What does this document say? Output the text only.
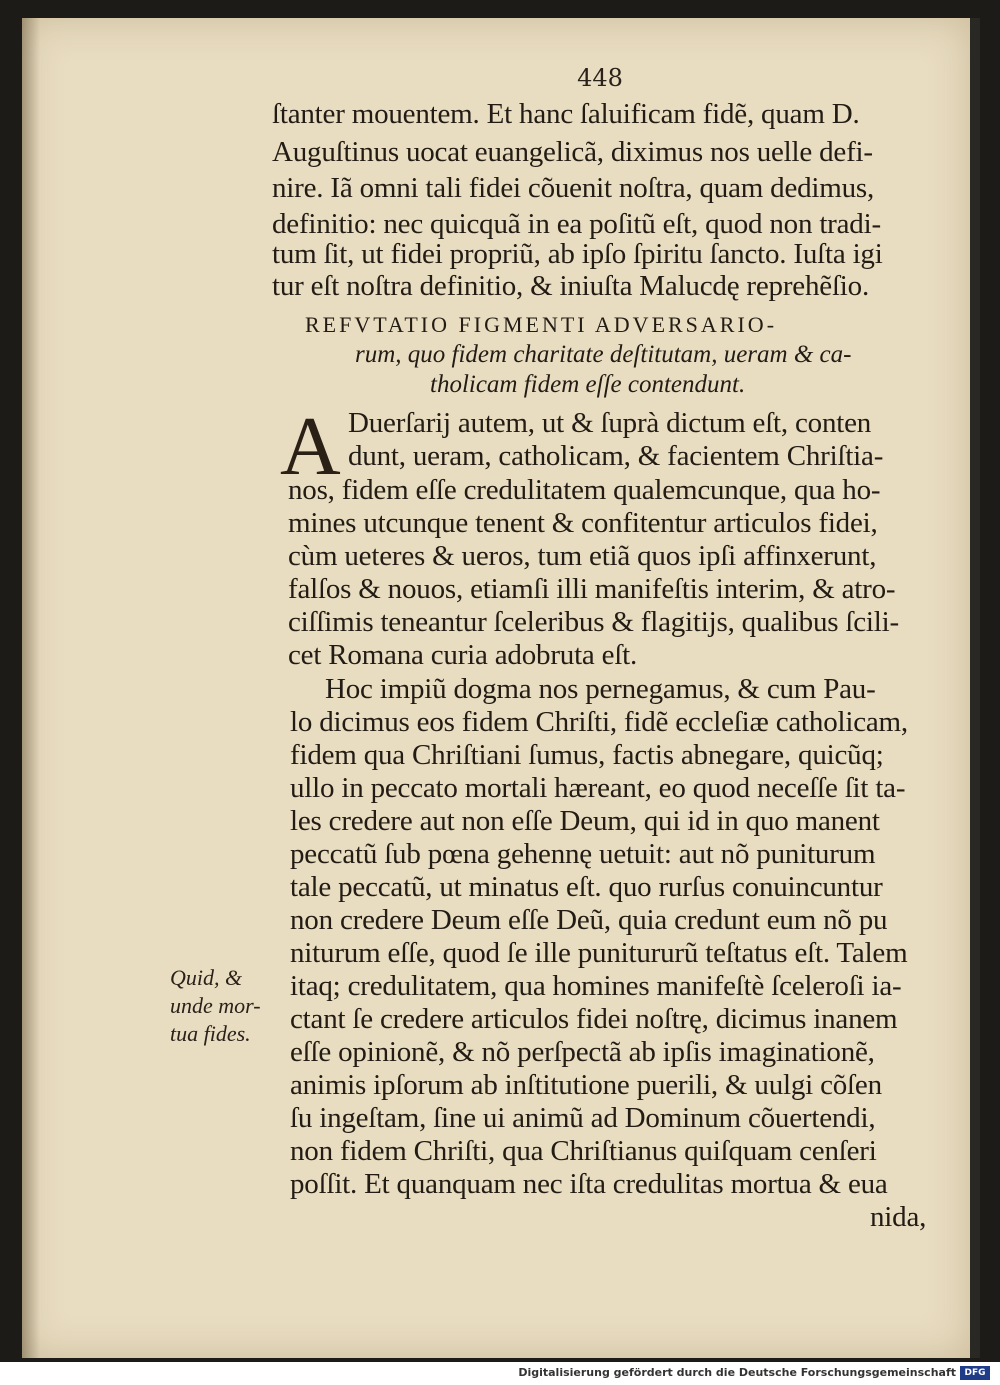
448
ſtanter mouentem. Et hanc ſaluificam fidẽ, quam D.
Auguſtinus uocat euangelicã, diximus nos uelle defi-
nire. Iã omni tali fidei cõuenit noſtra, quam dedimus,
definitio: nec quicquã in ea poſitũ eſt, quod non tradi-
tum ſit, ut fidei propriũ, ab ipſo ſpiritu ſancto. Iuſta igi
tur eſt noſtra definitio, & iniuſta Malucdę reprehẽſio.
REFVTATIO FIGMENTI ADVERSARIO-
rum, quo fidem charitate deſtitutam, ueram & ca-
tholicam fidem eſſe contendunt.
A Duerſarij autem, ut & ſuprà dictum eſt, conten
dunt, ueram, catholicam, & facientem Chriſtia-
nos, fidem eſſe credulitatem qualemcunque, qua ho-
mines utcunque tenent & confitentur articulos fidei,
cùm ueteres & ueros, tum etiã quos ipſi affinxerunt,
falſos & nouos, etiamſi illi manifeſtis interim, & atro-
ciſſimis teneantur ſceleribus & flagitijs, qualibus ſcili-
cet Romana curia adobruta eſt.
Hoc impiũ dogma nos pernegamus, & cum Pau-
lo dicimus eos fidem Chriſti, fidẽ eccleſiæ catholicam,
fidem qua Chriſtiani ſumus, factis abnegare, quicũq;
ullo in peccato mortali hæreant, eo quod neceſſe ſit ta-
les credere aut non eſſe Deum, qui id in quo manent
peccatũ ſub pœna gehennę uetuit: aut nõ puniturum
tale peccatũ, ut minatus eſt. quo rurſus conuincuntur
non credere Deum eſſe Deũ, quia credunt eum nõ pu
niturum eſſe, quod ſe ille punitururũ teſtatus eſt. Talem
itaq; credulitatem, qua homines manifeſtè ſceleroſi ia-
ctant ſe credere articulos fidei noſtrę, dicimus inanem
eſſe opinionẽ, & nõ perſpectã ab ipſis imaginationẽ,
animis ipſorum ab inſtitutione puerili, & uulgi cõſen
ſu ingeſtam, ſine ui animũ ad Dominum cõuertendi,
non fidem Chriſti, qua Chriſtianus quiſquam cenſeri
poſſit. Et quanquam nec iſta credulitas mortua & eua
nida,
Quid, &
unde mor-
tua fides.
Digitalisierung gefördert durch die Deutsche Forschungsgemeinschaft DFG
